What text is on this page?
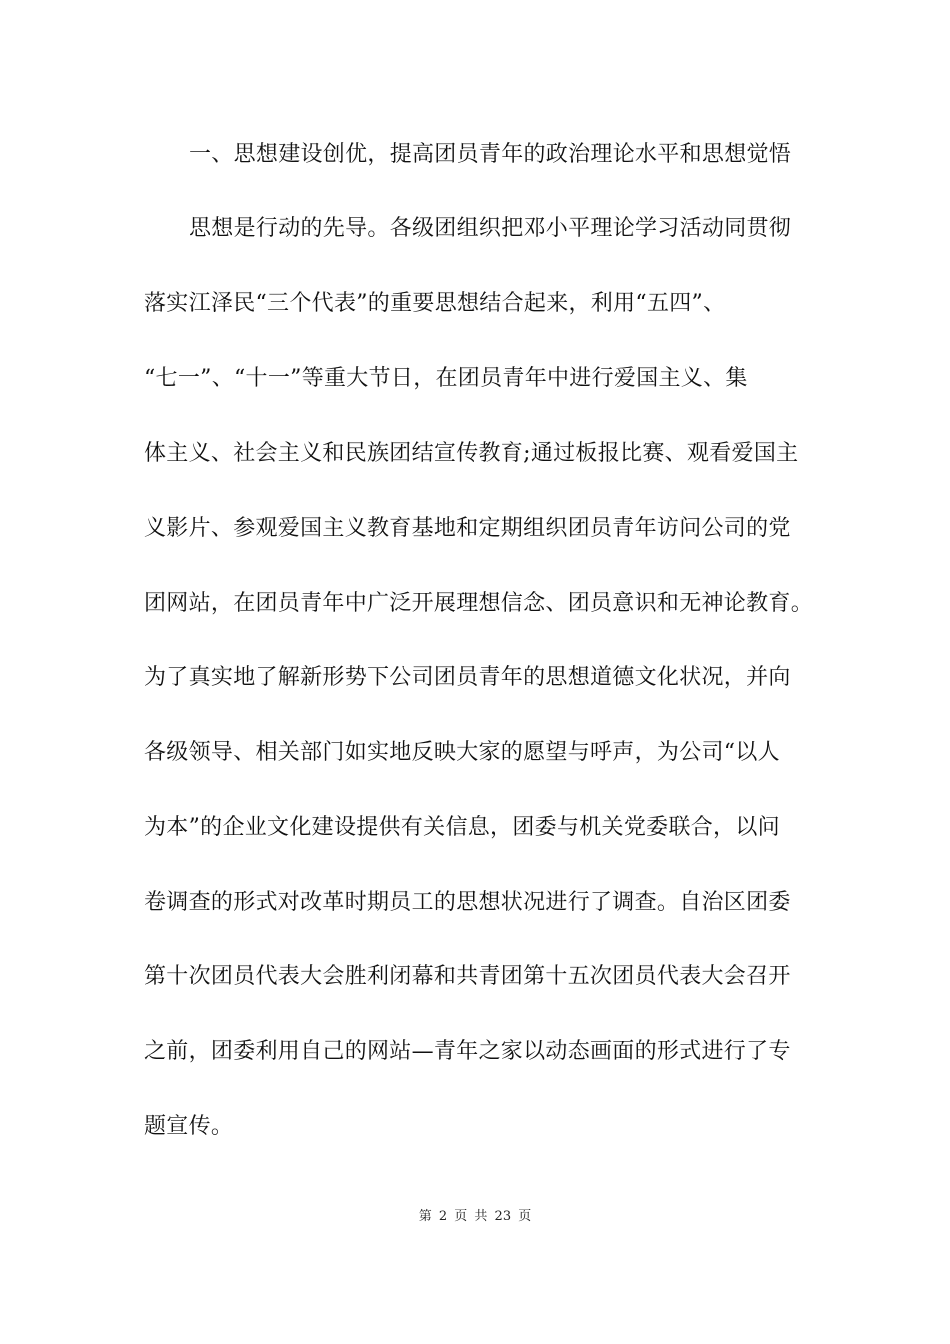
一、思想建设创优，提高团员青年的政治理论水平和思想觉悟
思想是行动的先导。各级团组织把邓小平理论学习活动同贯彻
落实江泽民“三个代表”的重要思想结合起来，利用“五四”、
“七一”、“十一”等重大节日，在团员青年中进行爱国主义、集
体主义、社会主义和民族团结宣传教育;通过板报比赛、观看爱国主
义影片、参观爱国主义教育基地和定期组织团员青年访问公司的党
团网站，在团员青年中广泛开展理想信念、团员意识和无神论教育。
为了真实地了解新形势下公司团员青年的思想道德文化状况，并向
各级领导、相关部门如实地反映大家的愿望与呼声，为公司“以人
为本”的企业文化建设提供有关信息，团委与机关党委联合，以问
卷调查的形式对改革时期员工的思想状况进行了调查。自治区团委
第十次团员代表大会胜利闭幕和共青团第十五次团员代表大会召开
之前，团委利用自己的网站—青年之家以动态画面的形式进行了专
题宣传。
第 2 页 共 23 页
